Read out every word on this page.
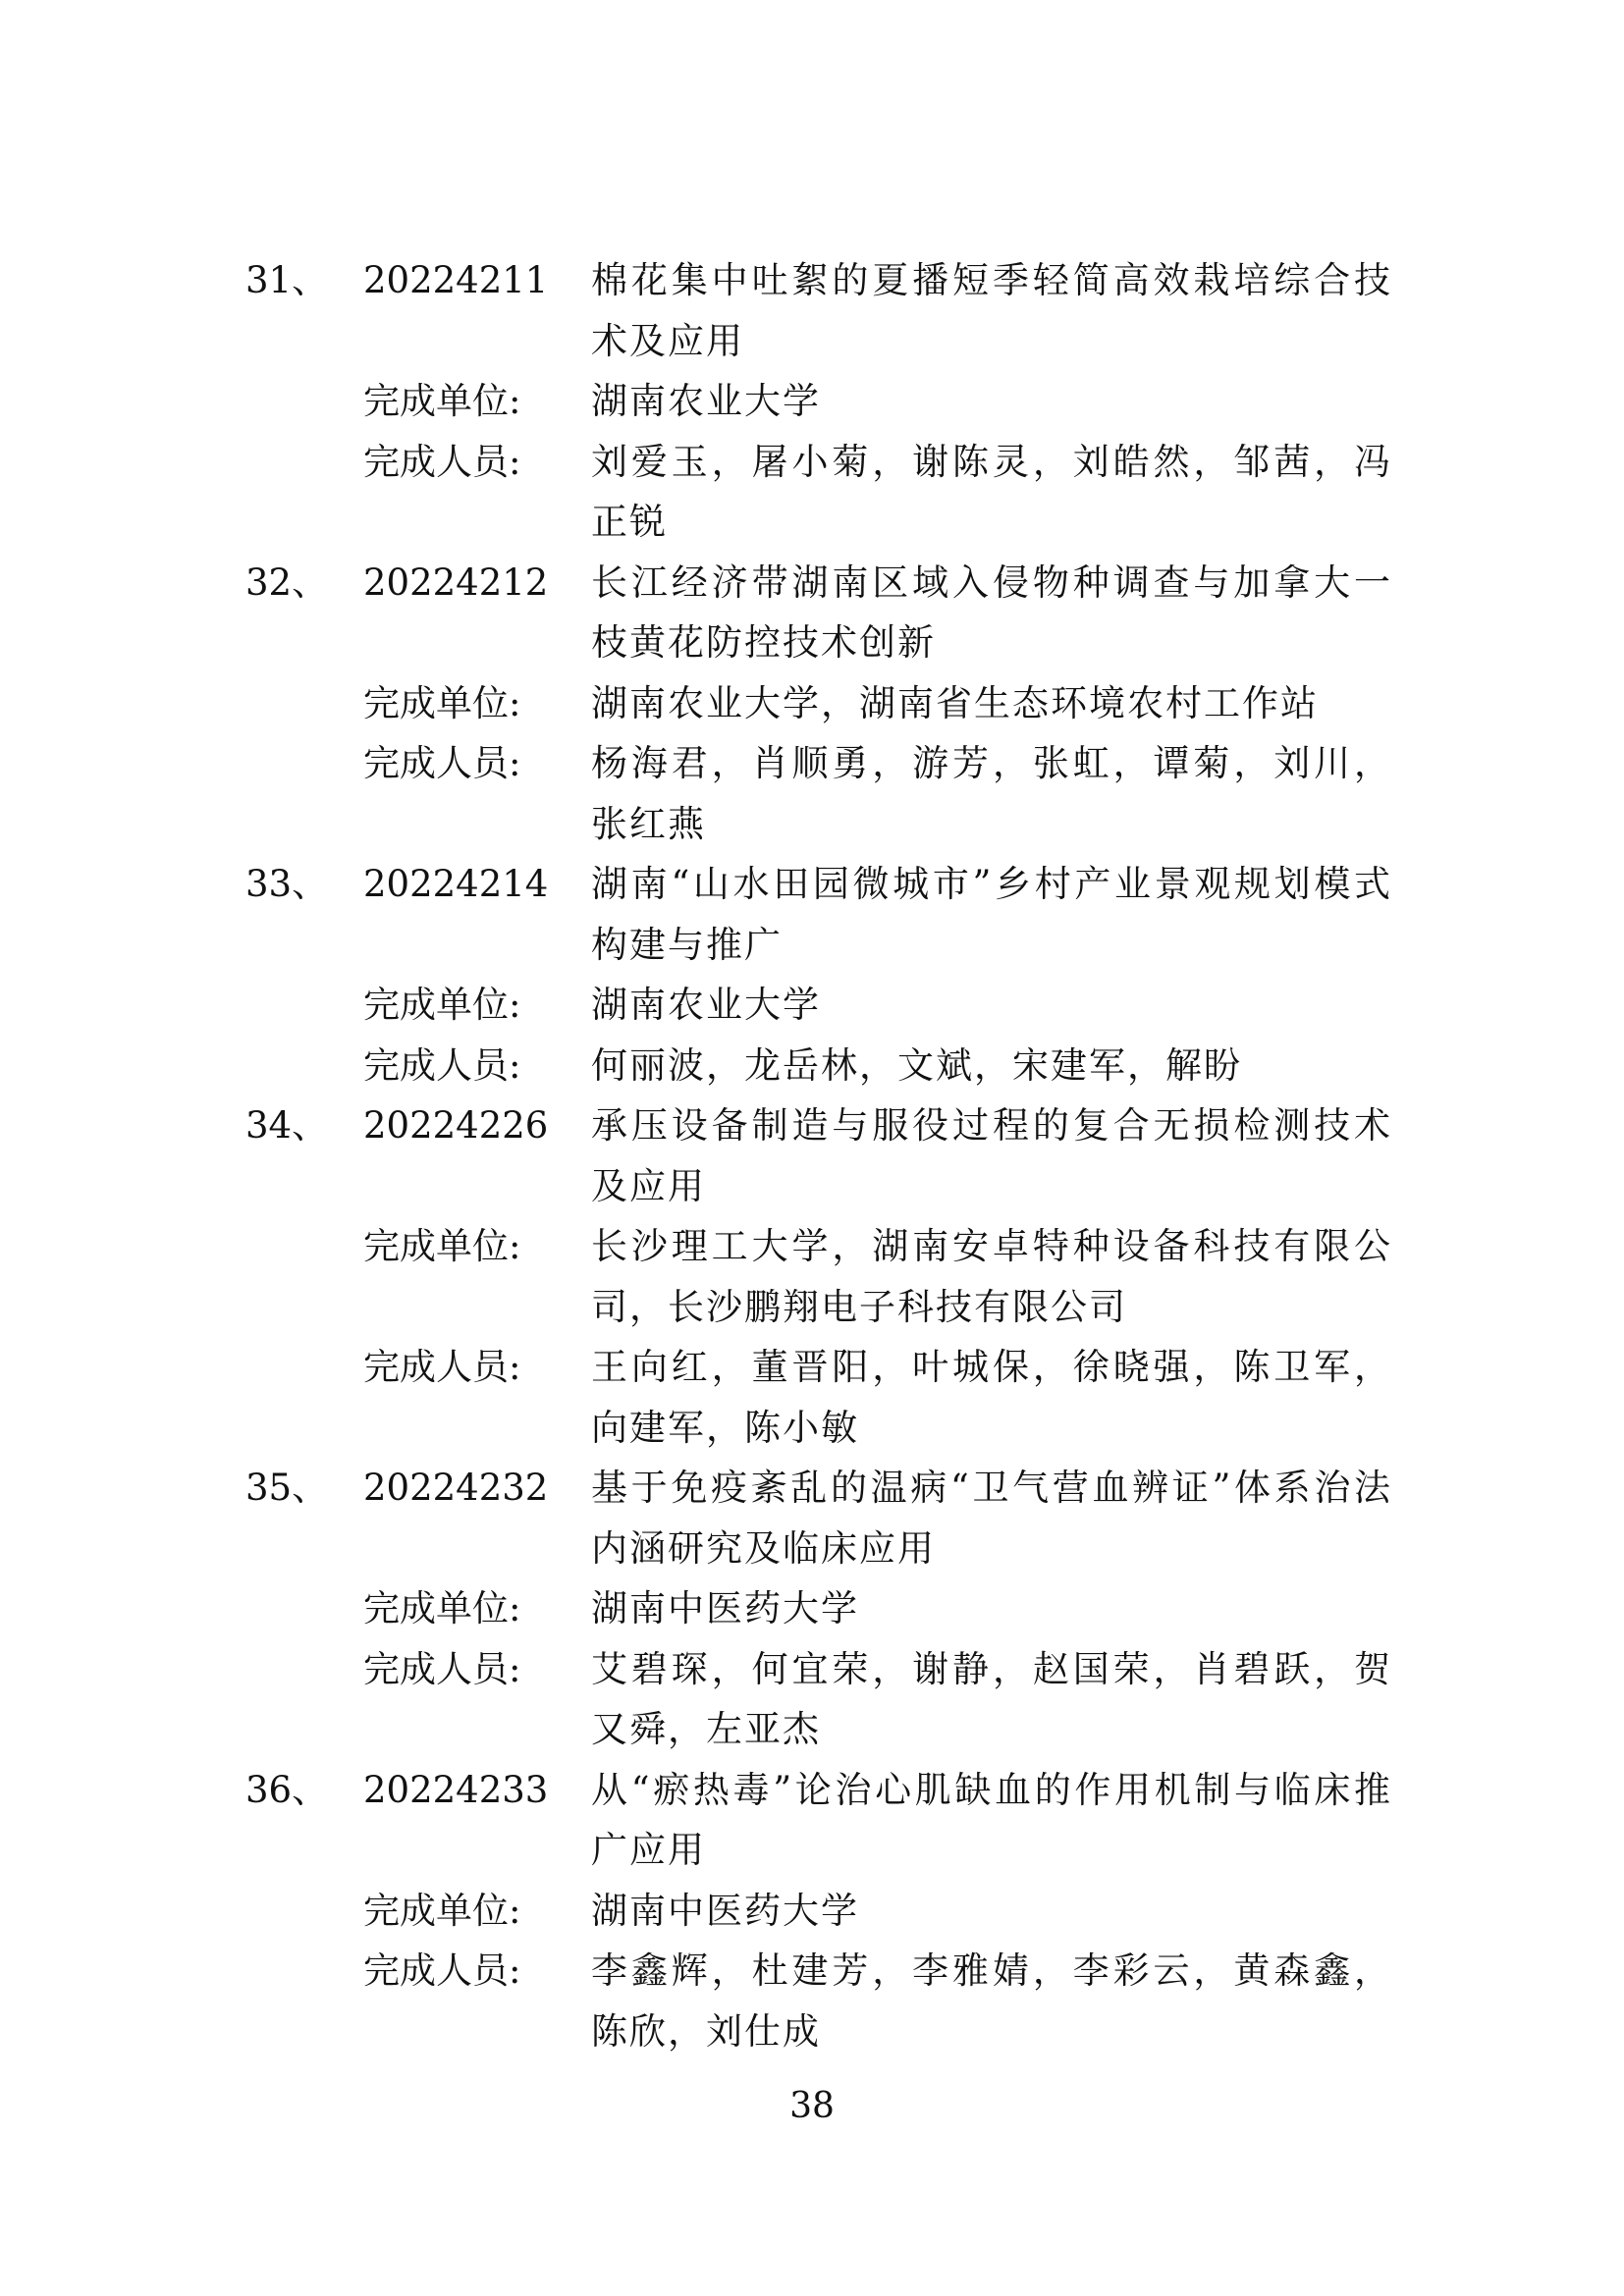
31、 20224211 棉花集中吐絮的夏播短季轻简高效栽培综合技术及应用
完成单位: 湖南农业大学
完成人员: 刘爱玉，屠小菊，谢陈灵，刘皓然，邹茜，冯正锐
32、 20224212 长江经济带湖南区域入侵物种调查与加拿大一枝黄花防控技术创新
完成单位: 湖南农业大学，湖南省生态环境农村工作站
完成人员: 杨海君，肖顺勇，游芳，张虹，谭菊，刘川，张红燕
33、 20224214 湖南“山水田园微城市”乡村产业景观规划模式构建与推广
完成单位: 湖南农业大学
完成人员: 何丽波，龙岳林，文斌，宋建军，解盼
34、 20224226 承压设备制造与服役过程的复合无损检测技术及应用
完成单位: 长沙理工大学，湖南安卓特种设备科技有限公司，长沙鹏翔电子科技有限公司
完成人员: 王向红，董晋阳，叶城保，徐晓强，陈卫军，向建军，陈小敏
35、 20224232 基于免疫紊乱的温病“卫气营血辨证”体系治法内涵研究及临床应用
完成单位: 湖南中医药大学
完成人员: 艾碧琛，何宜荣，谢静，赵国荣，肖碧跃，贺又舜，左亚杰
36、 20224233 从“瘀热毒”论治心肌缺血的作用机制与临床推广应用
完成单位: 湖南中医药大学
完成人员: 李鑫辉，杜建芳，李雅婧，李彩云，黄森鑫，陈欣，刘仕成
38
